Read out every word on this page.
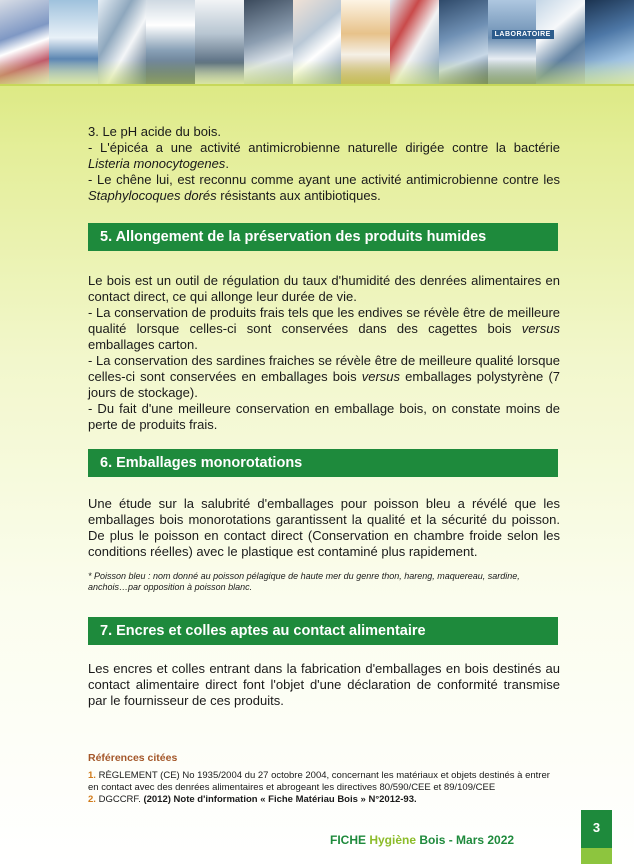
LABORATOIRE

3. Le pH acide du bois.

- L'épicéa a une activité antimicrobienne naturelle dirigée contre la bactérie Listeria monocytogenes.

- Le chêne lui, est reconnu comme ayant une activité antimicrobienne contre les Staphylocoques dorés résistants aux antibiotiques.

5. Allongement de la préservation des produits humides

Le bois est un outil de régulation du taux d'humidité des denrées alimentaires en contact direct, ce qui allonge leur durée de vie.

- La conservation de produits frais tels que les endives se révèle être de meilleure qualité lorsque celles-ci sont conservées dans des cagettes bois versus emballages carton.

- La conservation des sardines fraiches se révèle être de meilleure qualité lorsque celles-ci sont conservées en emballages bois versus emballages polystyrène (7 jours de stockage).

- Du fait d'une meilleure conservation en emballage bois, on constate moins de perte de produits frais.

6. Emballages monorotations

Une étude sur la salubrité d'emballages pour poisson bleu a révélé que les emballages bois monorotations garantissent la qualité et la sécurité du poisson. De plus le poisson en contact direct (Conservation en chambre froide selon les conditions réelles) avec le plastique est contaminé plus rapidement.

* Poisson bleu : nom donné au poisson pélagique de haute mer du genre thon, hareng, maquereau, sardine, anchois…par opposition à poisson blanc.

7. Encres et colles aptes au contact alimentaire

Les encres et colles entrant dans la fabrication d'emballages en bois destinés au contact alimentaire direct font l'objet d'une déclaration de conformité transmise par le fournisseur de ces produits.

Références citées

1. RÈGLEMENT (CE) No 1935/2004 du 27 octobre 2004, concernant les matériaux et objets destinés à entrer en contact avec des denrées alimentaires et abrogeant les directives 80/590/CEE et 89/109/CEE

2. DGCCRF. (2012) Note d'information « Fiche Matériau Bois » N°2012-93.

FICHE Hygiène Bois - Mars 2022
3
